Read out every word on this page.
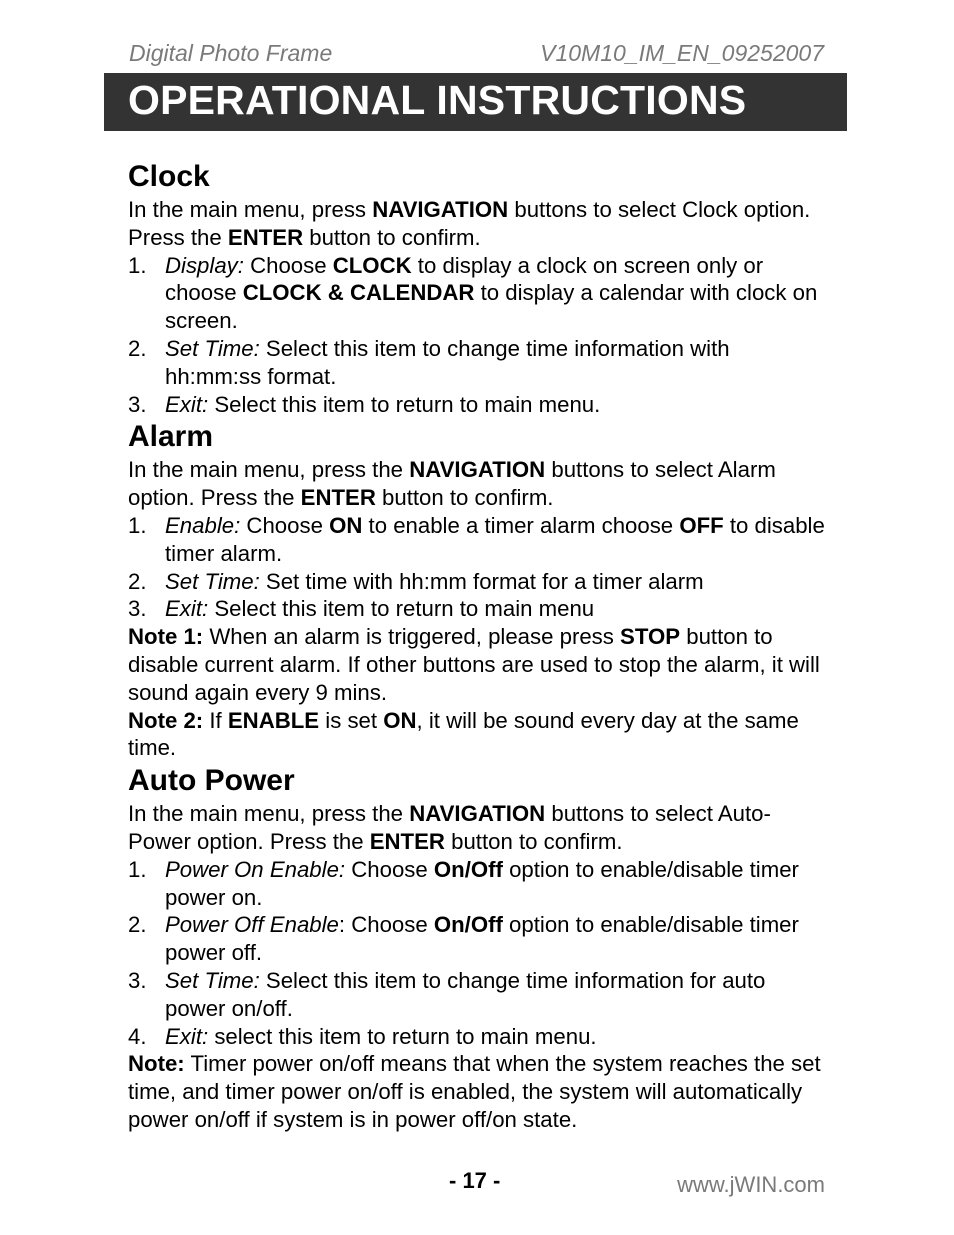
Digital Photo Frame	V10M10_IM_EN_09252007
OPERATIONAL INSTRUCTIONS
Clock

In the main menu, press NAVIGATION buttons to select Clock option. Press the ENTER button to confirm.

1. Display: Choose CLOCK to display a clock on screen only or choose CLOCK & CALENDAR to display a calendar with clock on screen.
2. Set Time: Select this item to change time information with hh:mm:ss format.
3. Exit: Select this item to return to main menu.
Alarm

In the main menu, press the NAVIGATION buttons to select Alarm option. Press the ENTER button to confirm.

1. Enable: Choose ON to enable a timer alarm choose OFF to disable timer alarm.
2. Set Time: Set time with hh:mm format for a timer alarm
3. Exit: Select this item to return to main menu

Note 1: When an alarm is triggered, please press STOP button to disable current alarm. If other buttons are used to stop the alarm, it will sound again every 9 mins.

Note 2: If ENABLE is set ON, it will be sound every day at the same time.

Auto Power

In the main menu, press the NAVIGATION buttons to select Auto-Power option. Press the ENTER button to confirm.

1. Power On Enable: Choose On/Off option to enable/disable timer power on.
2. Power Off Enable: Choose On/Off option to enable/disable timer power off.
3. Set Time: Select this item to change time information for auto power on/off.
4. Exit: select this item to return to main menu.

Note: Timer power on/off means that when the system reaches the set time, and timer power on/off is enabled, the system will automatically power on/off if system is in power off/on state.

- 17 -	www.jWIN.com
